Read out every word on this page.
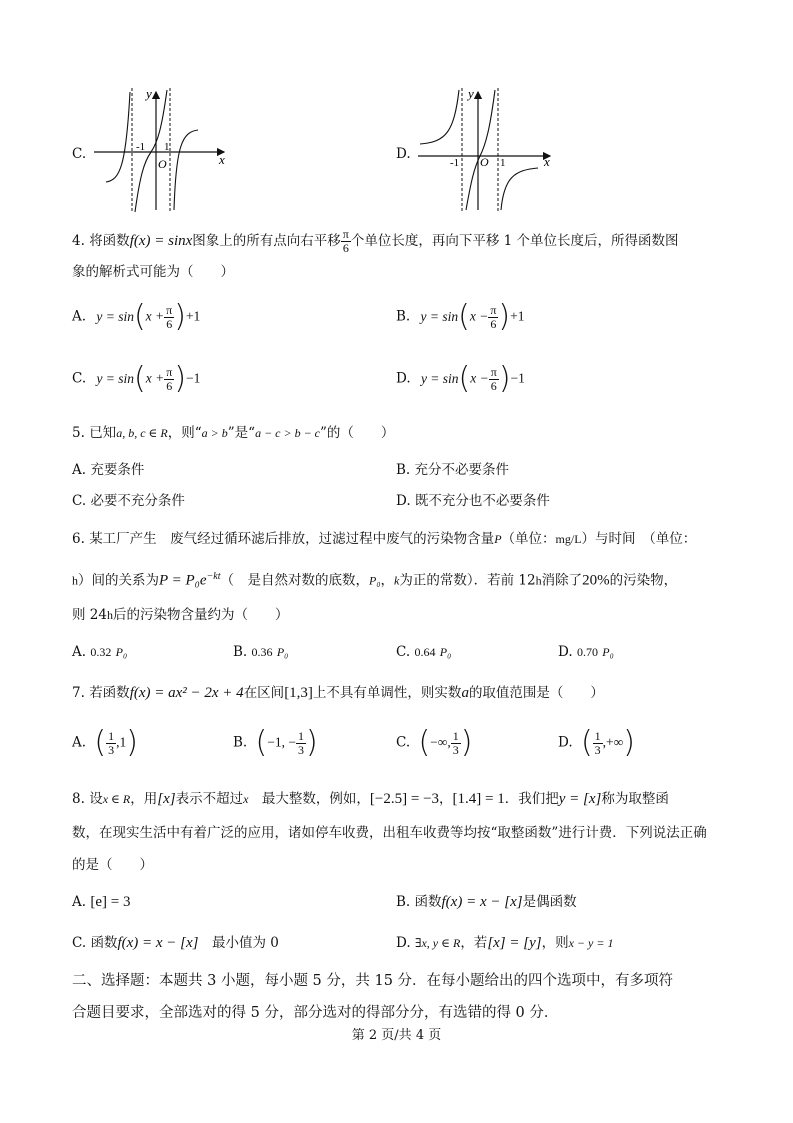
C.
y
x
O
-1 1	D.
y
x
O
-1	1
4. 将函数f(x) = sinx图象上的所有点向右平移 $\frac{\pi}{6}$ 个单位长度，再向下平移 1 个单位长度后，所得函数图
象的解析式可能为（　　）
A. $y = \sin(x + \frac{\pi}{6} )+1$	B. $y = \sin(x - \frac{\pi}{6} )+1$
C. $y = \sin(x + \frac{\pi}{6} )-1$	D. $y = \sin(x - \frac{\pi}{6} )-1$
5. 已知a, b, c ∈ R，则“a > b”是“a − c > b − c”的（　　）
A. 充要条件	B. 充分不必要条件
C. 必要不充分条件	D. 既不充分也不必要条件
6. 某工厂产生　废气经过循环滤后排放，过滤过程中废气的污染物含量P（单位：mg/L）与时间　（单位：
h）间的关系为$P = P_0e^{-kt}$（　是自然对数的底数，P₀，k为正的常数）．若前 12h消除了20%的污染物，
则 24h后的污染物含量约为（　　）
A. 0.32 P₀	B. 0.36 P₀	C. 0.64 P₀	D. 0.70 P₀
7. 若函数f(x) = ax² − 2x + 4在区间[1,3]上不具有单调性，则实数a的取值范围是（　　）
A. ( $\frac{1}{3} ,1$)	B. (−1, − $\frac{1}{3}$ )	C. (−∞, $\frac{1}{3}$ )	D. ( $\frac{1}{3}$ ,+∞)
8. 设x ∈ R，用[x]表示不超过x　最大整数，例如，[−2.5] = −3，[1.4] = 1．我们把y = [x]称为取整函
数，在现实生活中有着广泛的应用，诸如停车收费，出租车收费等均按“取整函数”进行计费．下列说法正确
的是（　　）
A. [e] = 3	B. 函数f(x) = x − [x]是偶函数
C. 函数f(x) = x − [x]　最小值为 0	D. ∃x, y ∈ R，若[x] = [y]，则x − y = 1
二、选择题：本题共 3 小题，每小题 5 分，共 15 分．在每小题给出的四个选项中，有多项符
合题目要求，全部选对的得 5 分，部分选对的得部分分，有选错的得 0 分．
第 2 页/共 4 页
